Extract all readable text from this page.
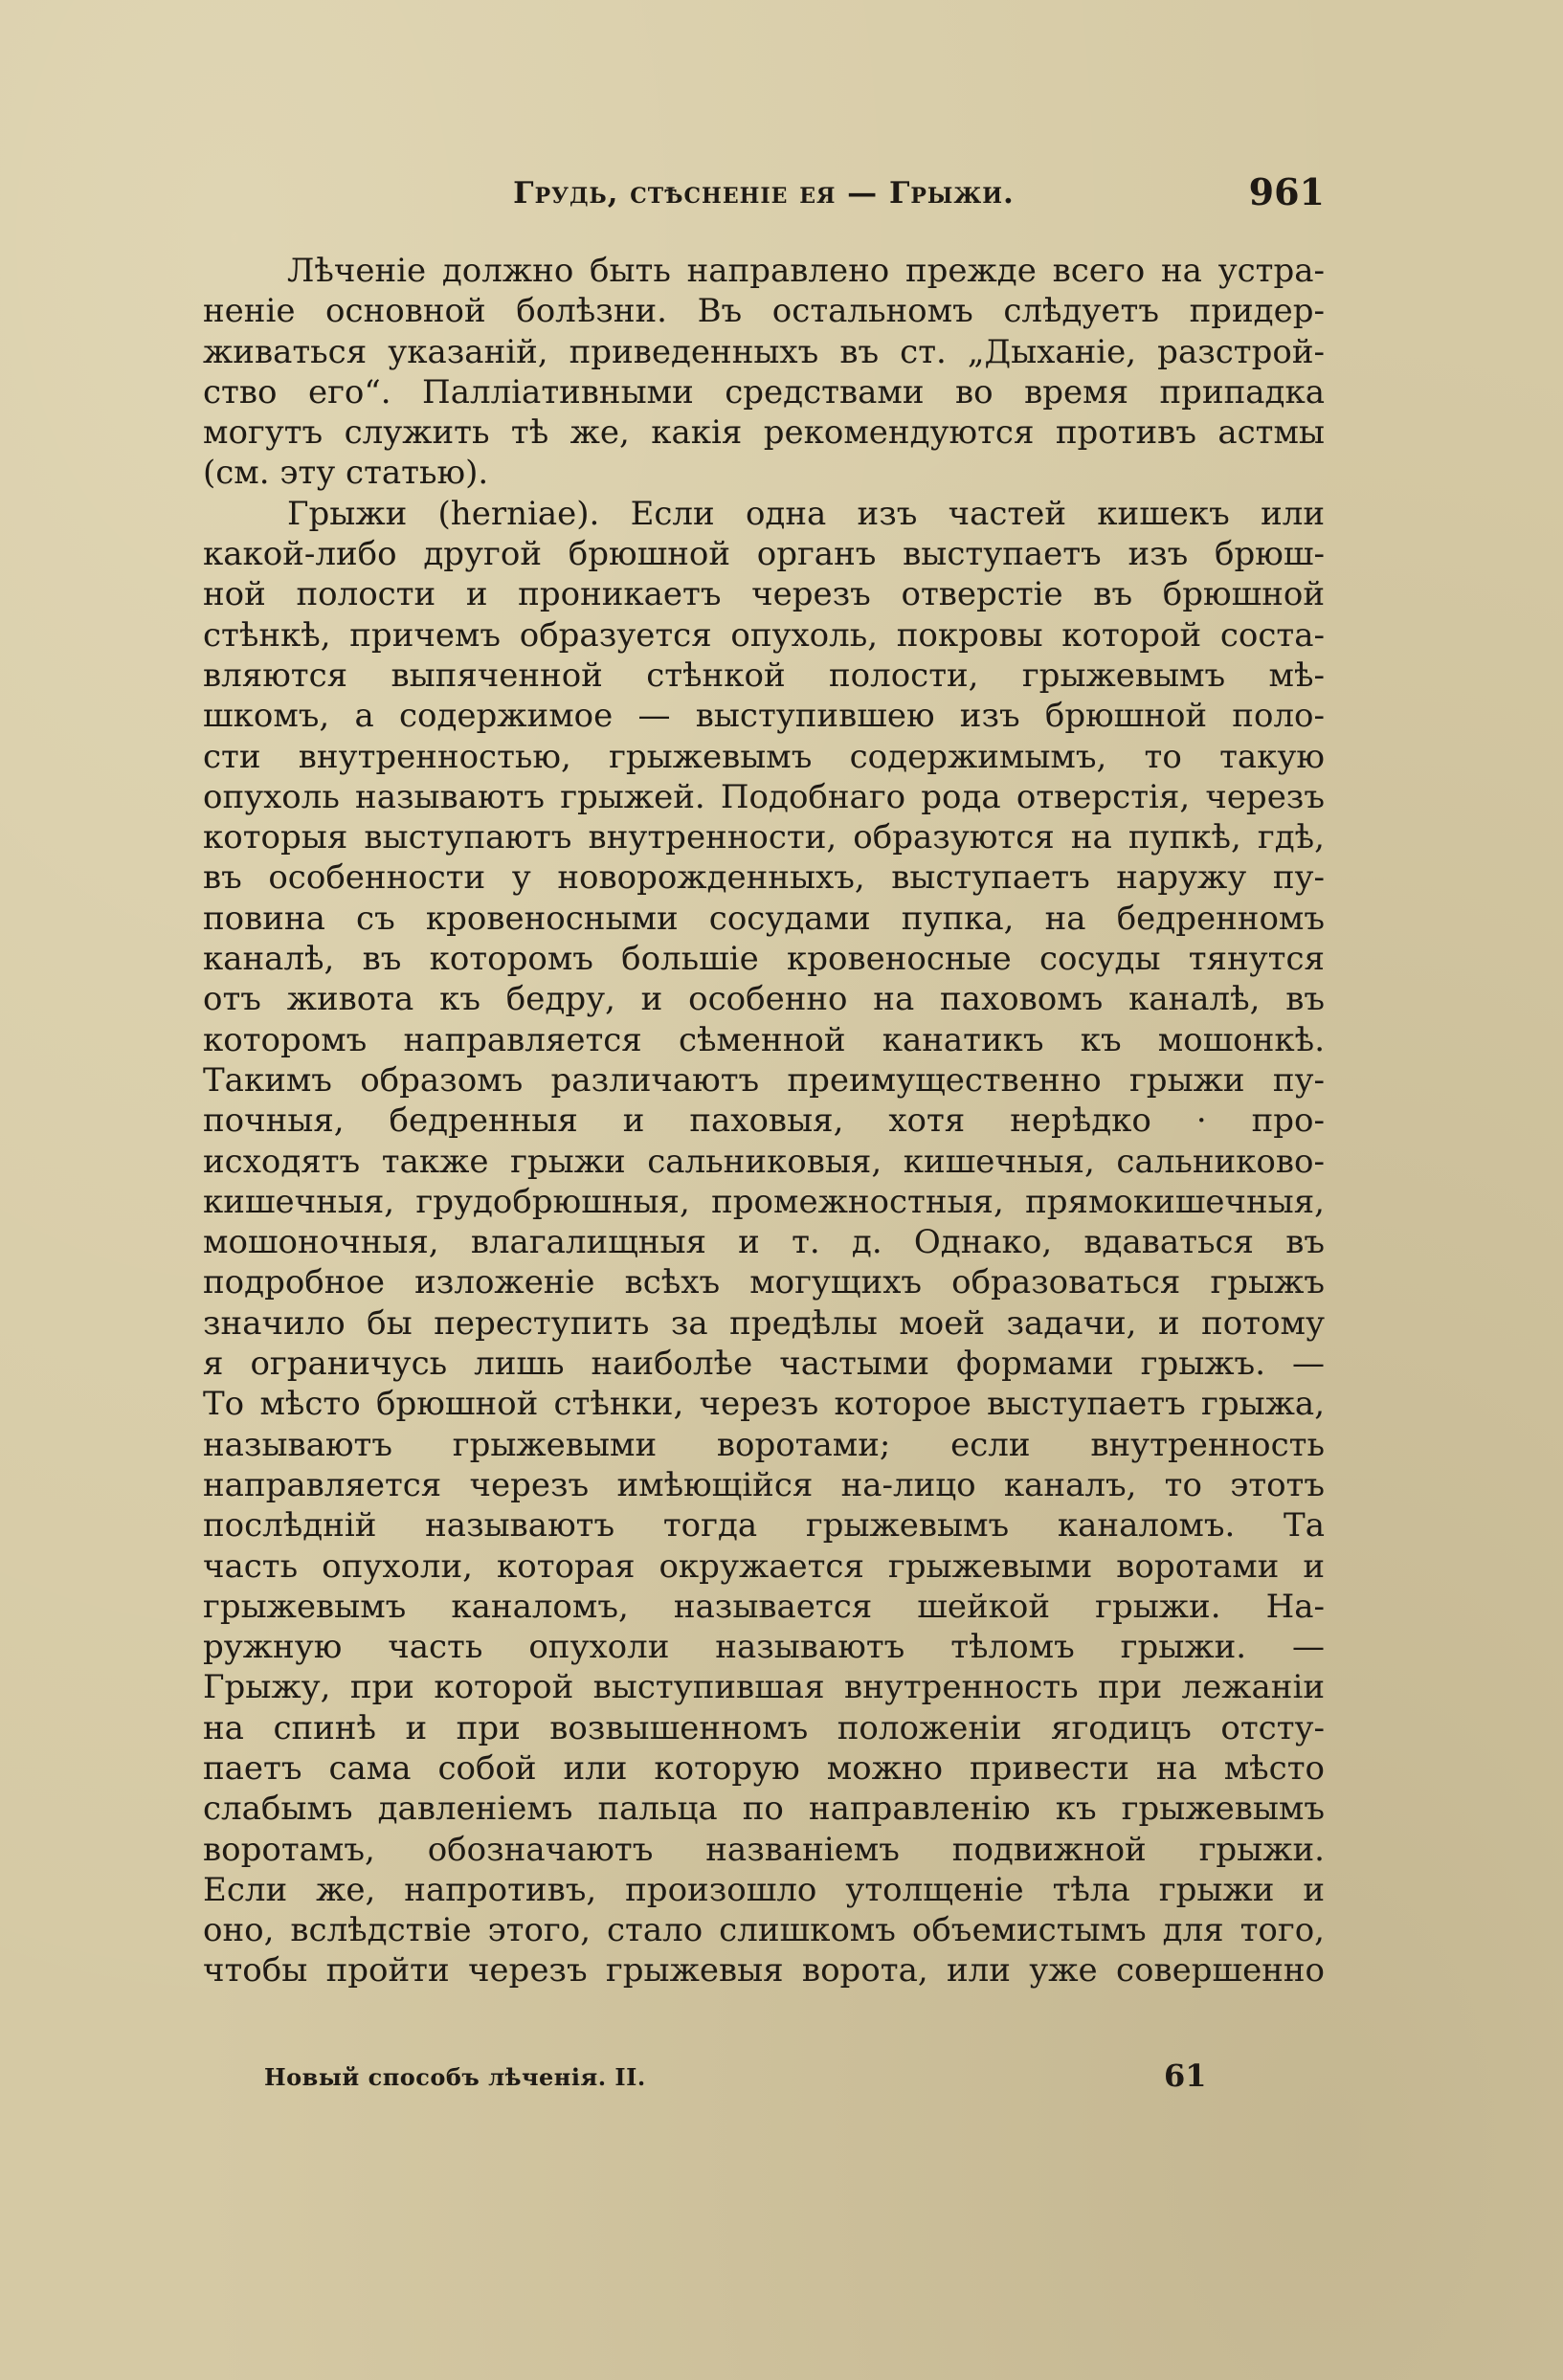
Грудь, стѣсненіе ея — Грыжи.	961
Лѣченіе должно быть направлено прежде всего на устра-
неніе основной болѣзни. Въ остальномъ слѣдуетъ придер-
живаться указаній, приведенныхъ въ ст. „Дыханіе, разстрой-
ство его“. Палліативными средствами во время припадка
могутъ служить тѣ же, какія рекомендуются противъ астмы
(см. эту статью).
Грыжи (hernіae). Если одна изъ частей кишекъ или
какой-либо другой брюшной органъ выступаетъ изъ брюш-
ной полости и проникаетъ черезъ отверстіе въ брюшной
стѣнкѣ, причемъ образуется опухоль, покровы которой соста-
вляются выпяченной стѣнкой полости, грыжевымъ мѣ-
шкомъ, а содержимое — выступившею изъ брюшной поло-
сти внутренностью, грыжевымъ содержимымъ, то такую
опухоль называютъ грыжей. Подобнаго рода отверстія, черезъ
которыя выступаютъ внутренности, образуются на пупкѣ, гдѣ,
въ особенности у новорожденныхъ, выступаетъ наружу пу-
повина съ кровеносными сосудами пупка, на бедренномъ
каналѣ, въ которомъ большіе кровеносные сосуды тянутся
отъ живота къ бедру, и особенно на паховомъ каналѣ, въ
которомъ направляется сѣменной канатикъ къ мошонкѣ.
Такимъ образомъ различаютъ преимущественно грыжи пу-
почныя, бедренныя и паховыя, хотя нерѣдко · про-
исходятъ также грыжи сальниковыя, кишечныя, сальниково-
кишечныя, грудобрюшныя, промежностныя, прямокишечныя,
мошоночныя, влагалищныя и т. д. Однако, вдаваться въ
подробное изложеніе всѣхъ могущихъ образоваться грыжъ
значило бы переступить за предѣлы моей задачи, и потому
я ограничусь лишь наиболѣе частыми формами грыжъ. —
То мѣсто брюшной стѣнки, черезъ которое выступаетъ грыжа,
называютъ грыжевыми воротами; если внутренность
направляется черезъ имѣющійся на-лицо каналъ, то этотъ
послѣдній называютъ тогда грыжевымъ каналомъ. Та
часть опухоли, которая окружается грыжевыми воротами и
грыжевымъ каналомъ, называется шейкой грыжи. На-
ружную часть опухоли называютъ тѣломъ грыжи. —
Грыжу, при которой выступившая внутренность при лежаніи
на спинѣ и при возвышенномъ положеніи ягодицъ отсту-
паетъ сама собой или которую можно привести на мѣсто
слабымъ давленіемъ пальца по направленію къ грыжевымъ
воротамъ, обозначаютъ названіемъ подвижной грыжи.
Если же, напротивъ, произошло утолщеніе тѣла грыжи и
оно, вслѣдствіе этого, стало слишкомъ объемистымъ для того,
чтобы пройти черезъ грыжевыя ворота, или уже совершенно
Новый способъ лѣченія. II.	61
